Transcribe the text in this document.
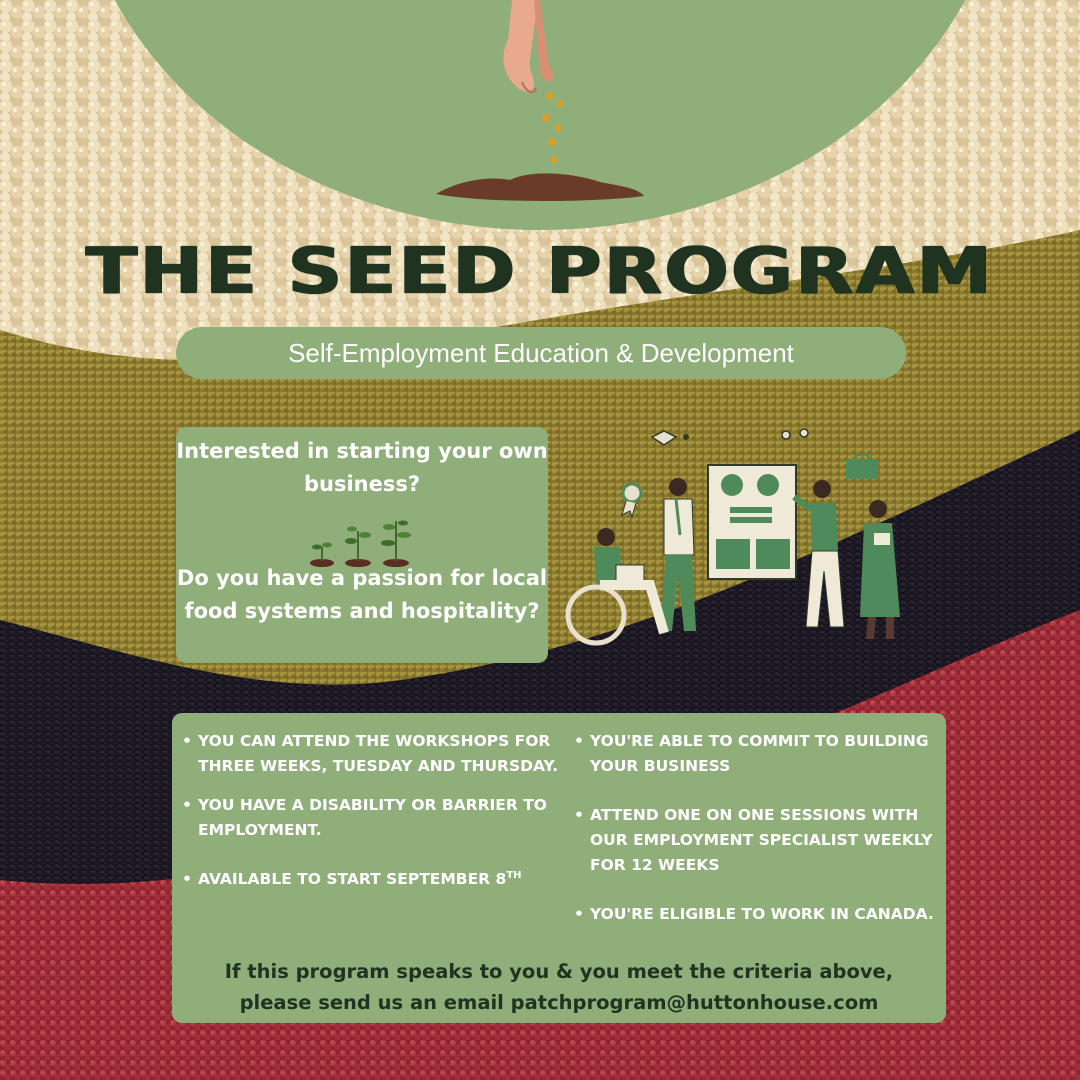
THE SEED PROGRAM
Self-Employment Education & Development
Interested in starting your own business?
Do you have a passion for local food systems and hospitality?
• YOU CAN ATTEND THE WORKSHOPS FOR THREE WEEKS, TUESDAY AND THURSDAY.
• YOU HAVE A DISABILITY OR BARRIER TO EMPLOYMENT.
• AVAILABLE TO START SEPTEMBER 8TH
• YOU'RE ABLE TO COMMIT TO BUILDING YOUR BUSINESS
• ATTEND ONE ON ONE SESSIONS WITH OUR EMPLOYMENT SPECIALIST WEEKLY FOR 12 WEEKS
• YOU'RE ELIGIBLE TO WORK IN CANADA.
If this program speaks to you & you meet the criteria above,
please send us an email patchprogram@huttonhouse.com
